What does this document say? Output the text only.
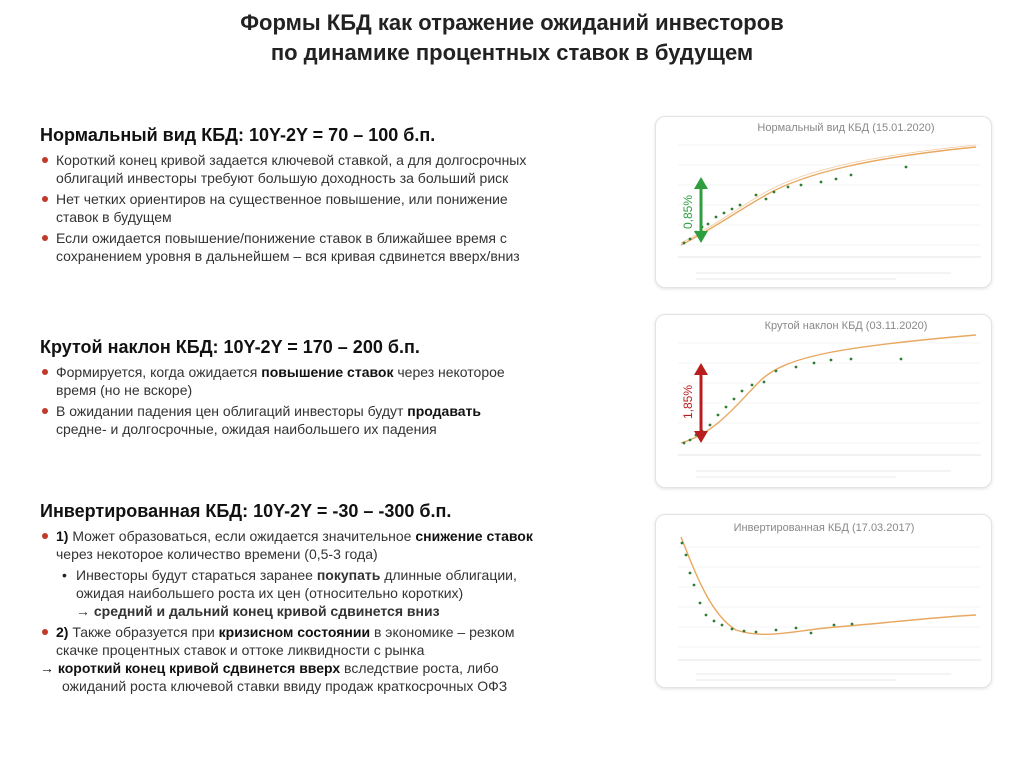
Формы КБД как отражение ожиданий инвесторов
по динамике процентных ставок в будущем
Нормальный вид КБД: 10Y-2Y = 70 – 100 б.п.
Короткий конец кривой задается ключевой ставкой, а для долгосрочных
облигаций инвесторы требуют большую доходность за больший риск
Нет четких ориентиров на существенное повышение, или понижение
ставок в будущем
Если ожидается повышение/понижение ставок в ближайшее время с
сохранением уровня в дальнейшем – вся кривая сдвинется вверх/вниз
Крутой наклон КБД: 10Y-2Y = 170 – 200 б.п.
Формируется, когда ожидается повышение ставок через некоторое
время (но не вскоре)
В ожидании падения цен облигаций инвесторы будут продавать
средне- и долгосрочные, ожидая наибольшего их падения
Инвертированная КБД: 10Y-2Y = -30 – -300 б.п.
1) Может образоваться, если ожидается значительное снижение ставок
через некоторое количество времени (0,5-3 года)
• Инвесторы будут стараться заранее покупать длинные облигации,
ожидая наибольшего роста их цен (относительно коротких)
→ средний и дальний конец кривой сдвинется вниз
2) Также образуется при кризисном состоянии в экономике – резком
скачке процентных ставок и оттоке ликвидности с рынка
→ короткий конец кривой сдвинется вверх вследствие роста, либо
ожиданий роста ключевой ставки ввиду продаж краткосрочных ОФЗ
Нормальный вид КБД (15.01.2020)
0,85%
Крутой наклон КБД (03.11.2020)
1,85%
Инвертированная КБД (17.03.2017)
